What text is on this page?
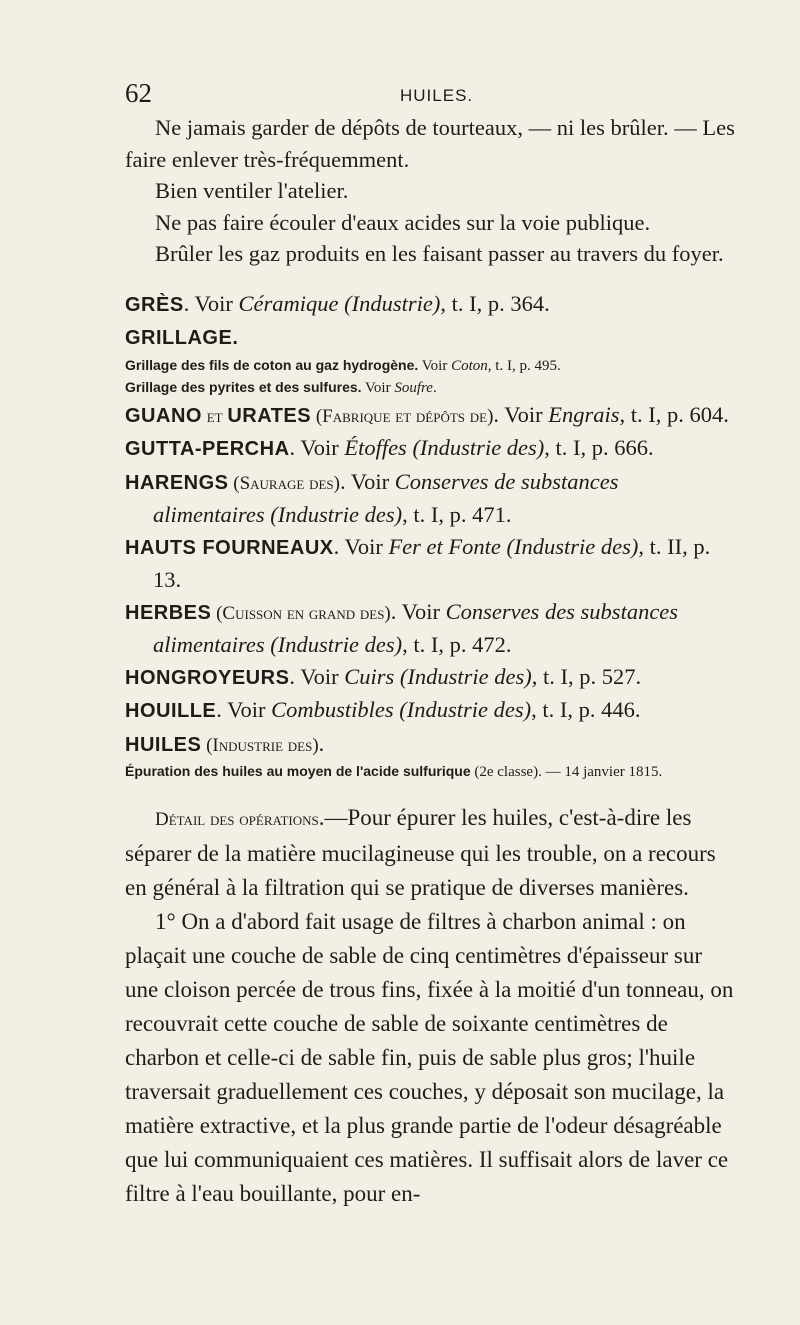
62	HUILES.

Ne jamais garder de dépôts de tourteaux, — ni les brûler. — Les faire enlever très-fréquemment.

Bien ventiler l'atelier.

Ne pas faire écouler d'eaux acides sur la voie publique.

Brûler les gaz produits en les faisant passer au travers du foyer.

GRÈS. Voir Céramique (Industrie), t. I, p. 364.

GRILLAGE.

Grillage des fils de coton au gaz hydrogène. Voir Coton, t. I, p. 495.

Grillage des pyrites et des sulfures. Voir Soufre.

GUANO et URATES (Fabrique et dépôts de). Voir Engrais, t. I, p. 604.

GUTTA-PERCHA. Voir Étoffes (Industrie des), t. I, p. 666.

HARENGS (Saurage des). Voir Conserves de substances alimentaires (Industrie des), t. I, p. 471.

HAUTS FOURNEAUX. Voir Fer et Fonte (Industrie des), t. II, p. 13.

HERBES (Cuisson en grand des). Voir Conserves des substances alimentaires (Industrie des), t. I, p. 472.

HONGROYEURS. Voir Cuirs (Industrie des), t. I, p. 527.

HOUILLE. Voir Combustibles (Industrie des), t. I, p. 446.

HUILES (Industrie des).

Épuration des huiles au moyen de l'acide sulfurique (2e classe). — 14 janvier 1815.

Détail des opérations.—Pour épurer les huiles, c'est-à-dire les séparer de la matière mucilagineuse qui les trouble, on a recours en général à la filtration qui se pratique de diverses manières.

1° On a d'abord fait usage de filtres à charbon animal : on plaçait une couche de sable de cinq centimètres d'épaisseur sur une cloison percée de trous fins, fixée à la moitié d'un tonneau, on recouvrait cette couche de sable de soixante centimètres de charbon et celle-ci de sable fin, puis de sable plus gros; l'huile traversait graduellement ces couches, y déposait son mucilage, la matière extractive, et la plus grande partie de l'odeur désagréable que lui communiquaient ces matières. Il suffisait alors de laver ce filtre à l'eau bouillante, pour en-
